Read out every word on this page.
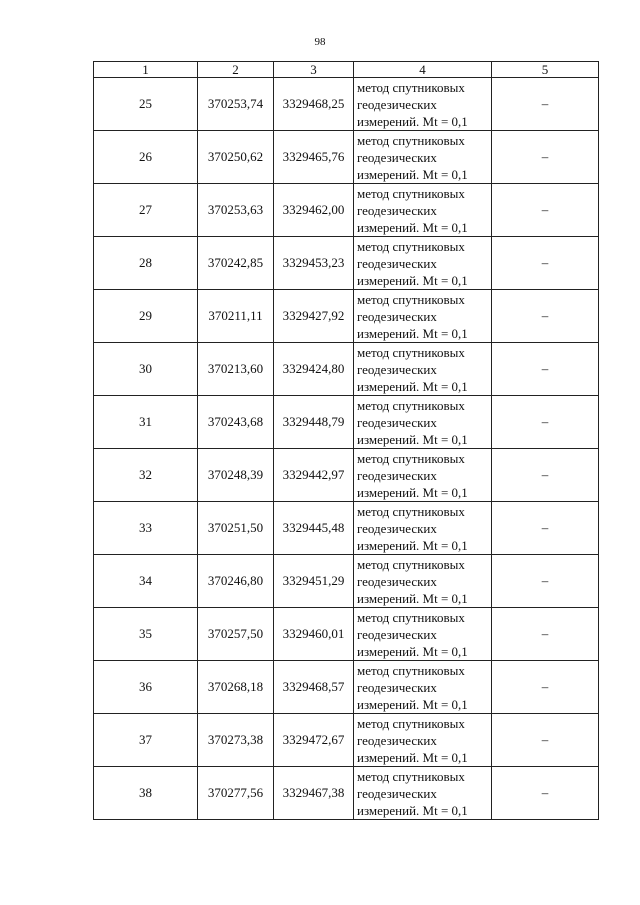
98
1	2	3	4	5
25	370253,74	3329468,25	метод спутниковых
геодезических
измерений. Mt = 0,1	–
26	370250,62	3329465,76	метод спутниковых
геодезических
измерений. Mt = 0,1	–
27	370253,63	3329462,00	метод спутниковых
геодезических
измерений. Mt = 0,1	–
28	370242,85	3329453,23	метод спутниковых
геодезических
измерений. Mt = 0,1	–
29	370211,11	3329427,92	метод спутниковых
геодезических
измерений. Mt = 0,1	–
30	370213,60	3329424,80	метод спутниковых
геодезических
измерений. Mt = 0,1	–
31	370243,68	3329448,79	метод спутниковых
геодезических
измерений. Mt = 0,1	–
32	370248,39	3329442,97	метод спутниковых
геодезических
измерений. Mt = 0,1	–
33	370251,50	3329445,48	метод спутниковых
геодезических
измерений. Mt = 0,1	–
34	370246,80	3329451,29	метод спутниковых
геодезических
измерений. Mt = 0,1	–
35	370257,50	3329460,01	метод спутниковых
геодезических
измерений. Mt = 0,1	–
36	370268,18	3329468,57	метод спутниковых
геодезических
измерений. Mt = 0,1	–
37	370273,38	3329472,67	метод спутниковых
геодезических
измерений. Mt = 0,1	–
38	370277,56	3329467,38	метод спутниковых
геодезических
измерений. Mt = 0,1	–
